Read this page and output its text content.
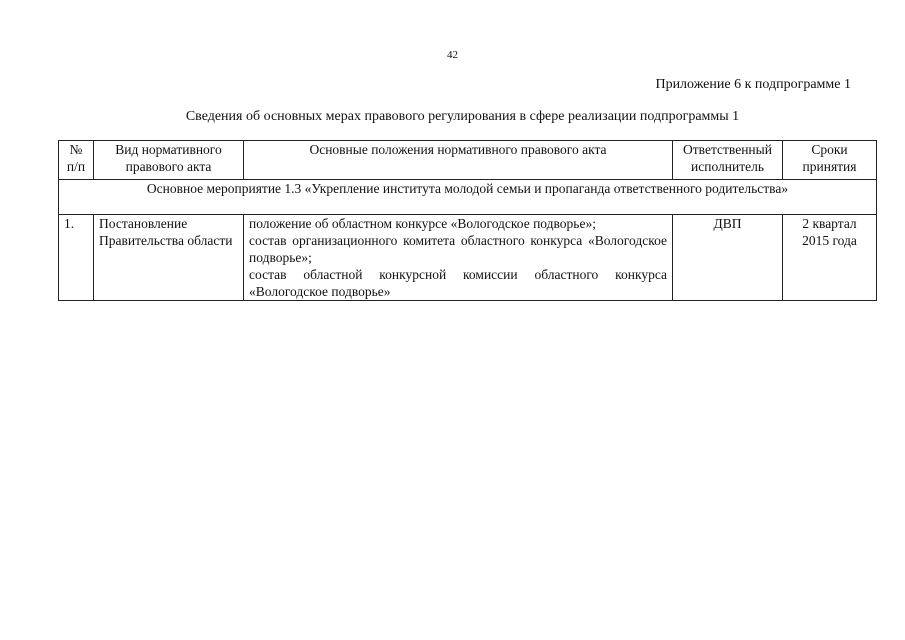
42
Приложение 6 к подпрограмме 1
Сведения об основных мерах правового регулирования в сфере реализации подпрограммы 1
№ п/п	Вид нормативного правового акта	Основные положения нормативного правового акта	Ответственный исполнитель	Сроки принятия
Основное мероприятие 1.3 «Укрепление института молодой семьи и пропаганда ответственного родительства»				
1.	Постановление Правительства области	положение об областном конкурсе «Вологодское подворье»;
состав организационного комитета областного конкурса «Вологодское подворье»;
состав областной конкурсной комиссии областного конкурса «Вологодское подворье»	ДВП	2 квартал 2015 года
